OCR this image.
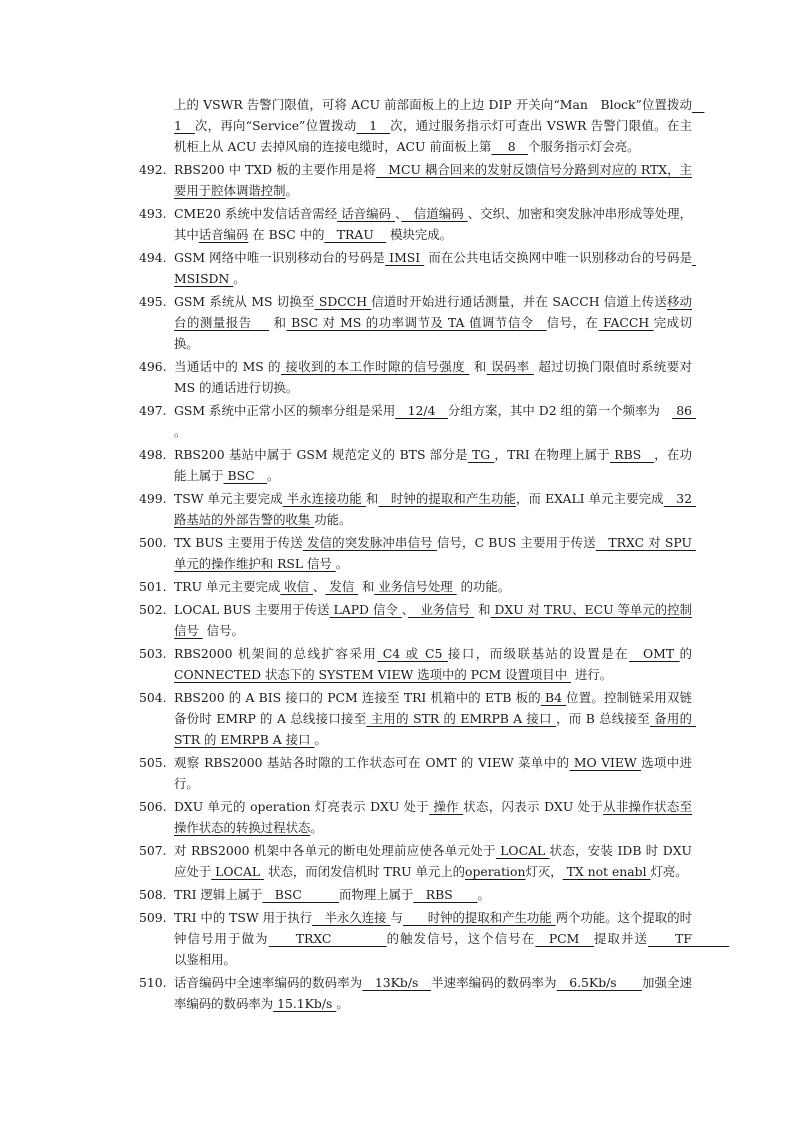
上的 VSWR 告警门限值，可将 ACU 前部面板上的上边 DIP 开关向“Man　Block”位置拨动　1　次，再向“Service”位置拨动　1　次，通过服务指示灯可查出 VSWR 告警门限值。在主机柜上从 ACU 去掉风扇的连接电缆时，ACU 前面板上第　 8　个服务指示灯会亮。

492. RBS200 中 TXD 板的主要作用是将　MCU 耦合回来的发射反馈信号分路到对应的 RTX，主要用于腔体调谐控制。

493. CME20 系统中发信话音需经 话音编码 、　信道编码 、交织、加密和突发脉冲串形成等处理，其中话音编码 在 BSC 中的　TRAU　 模块完成。

494. GSM 网络中唯一识别移动台的号码是 IMSI  而在公共电话交换网中唯一识别移动台的号码是 MSISDN 。

495. GSM 系统从 MS 切换至 SDCCH 信道时开始进行通话测量，并在 SACCH 信道上传送移动台的测量报告　  和 BSC 对 MS 的功率调节及 TA 值调节信令　信号，在 FACCH 完成切换。

496. 当通话中的 MS 的 接收到的本工作时隙的信号强度  和 误码率  超过切换门限值时系统要对 MS 的通话进行切换。

497. GSM 系统中正常小区的频率分组是采用　12/4　分组方案，其中 D2 组的第一个频率为　 86 。

498. RBS200 基站中属于 GSM 规范定义的 BTS 部分是 TG ，TRI 在物理上属于 RBS　，在功能上属于 BSC　。

499. TSW 单元主要完成 半永连接功能 和　时钟的提取和产生功能，而 EXALI 单元主要完成　32 路基站的外部告警的收集 功能。

500. TX BUS 主要用于传送 发信的突发脉冲串信号 信号，C BUS 主要用于传送　TRXC 对 SPU 单元的操作维护和 RSL 信号 。

501. TRU 单元主要完成 收信 、 发信  和 业务信号处理  的功能。

502. LOCAL BUS 主要用于传送 LAPD 信令 、　业务信号  和 DXU 对 TRU、ECU 等单元的控制信号  信号。

503. RBS2000 机架间的总线扩容采用 C4 或 C5 接口，而级联基站的设置是在　OMT 的CONNECTED 状态下的 SYSTEM VIEW 选项中的 PCM 设置项目中  进行。

504. RBS200 的 A BIS 接口的 PCM 连接至 TRI 机箱中的 ETB 板的 B4 位置。控制链采用双链备份时 EMRP 的 A 总线接口接至 主用的 STR 的 EMRPB A 接口 ，而 B 总线接至 备用的 STR 的 EMRPB A 接口 。

505. 观察 RBS2000 基站各时隙的工作状态可在 OMT 的 VIEW 菜单中的 MO VIEW 选项中进行。

506. DXU 单元的 operation 灯亮表示 DXU 处于 操作 状态，闪表示 DXU 处于从非操作状态至操作状态的转换过程状态。

507. 对 RBS2000 机架中各单元的断电处理前应使各单元处于 LOCAL 状态，安装 IDB 时 DXU 应处于 LOCAL  状态，而闭发信机时 TRU 单元上的operation灯灭， TX not enabl 灯亮。

508. TRI 逻辑上属于　BSC　　　而物理上属于　RBS　　。

509. TRI 中的 TSW 用于执行　半永久连接 与　　时钟的提取和产生功能 两个功能。这个提取的时钟信号用于做为　　TRXC　　　　的触发信号，这个信号在　PCM　提取并送　　TF　　　以鉴相用。

510. 话音编码中全速率编码的数码率为　13Kb/s　半速率编码的数码率为　6.5Kb/s　　加强全速率编码的数码率为 15.1Kb/s 。
